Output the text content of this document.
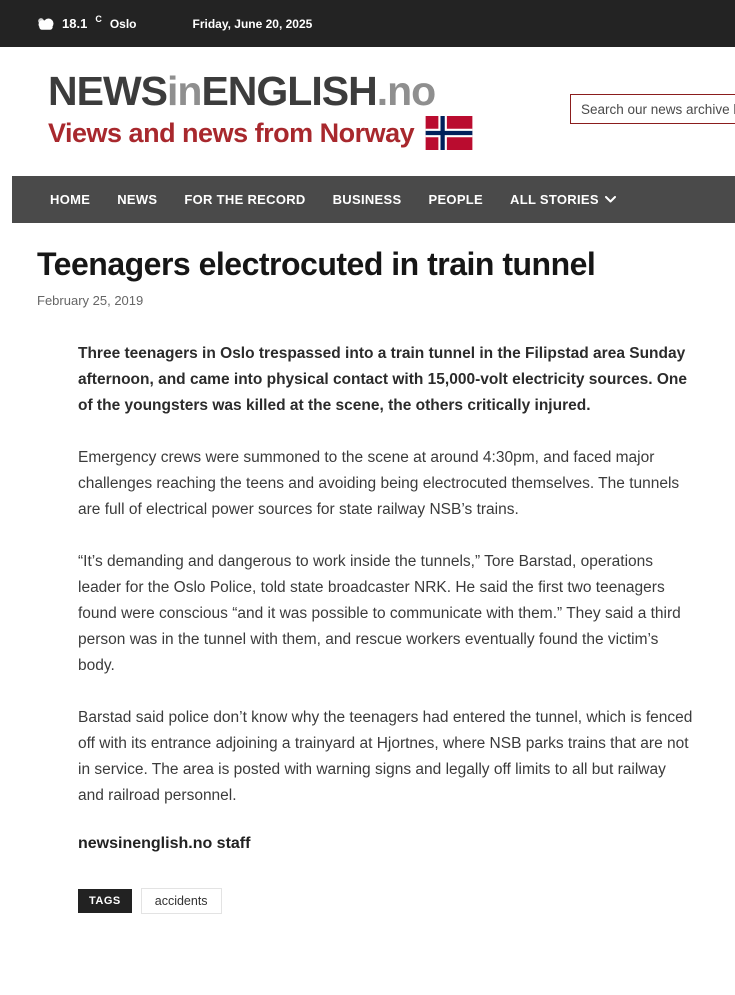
18.1 C Oslo	Friday, June 20, 2025
NEWSinENGLISH.no
Views and news from Norway
Search our news archive here...
HOME NEWS FOR THE RECORD BUSINESS PEOPLE ALL STORIES
Teenagers electrocuted in train tunnel
February 25, 2019

Three teenagers in Oslo trespassed into a train tunnel in the Filipstad area Sunday afternoon, and came into physical contact with 15,000-volt electricity sources. One of the youngsters was killed at the scene, the others critically injured.

Emergency crews were summoned to the scene at around 4:30pm, and faced major challenges reaching the teens and avoiding being electrocuted themselves. The tunnels are full of electrical power sources for state railway NSB’s trains.

“It’s demanding and dangerous to work inside the tunnels,” Tore Barstad, operations leader for the Oslo Police, told state broadcaster NRK. He said the first two teenagers found were conscious “and it was possible to communicate with them.” They said a third person was in the tunnel with them, and rescue workers eventually found the victim’s body.

Barstad said police don’t know why the teenagers had entered the tunnel, which is fenced off with its entrance adjoining a trainyard at Hjortnes, where NSB parks trains that are not in service. The area is posted with warning signs and legally off limits to all but railway and railroad personnel.

newsinenglish.no staff
TAGS	accidents
